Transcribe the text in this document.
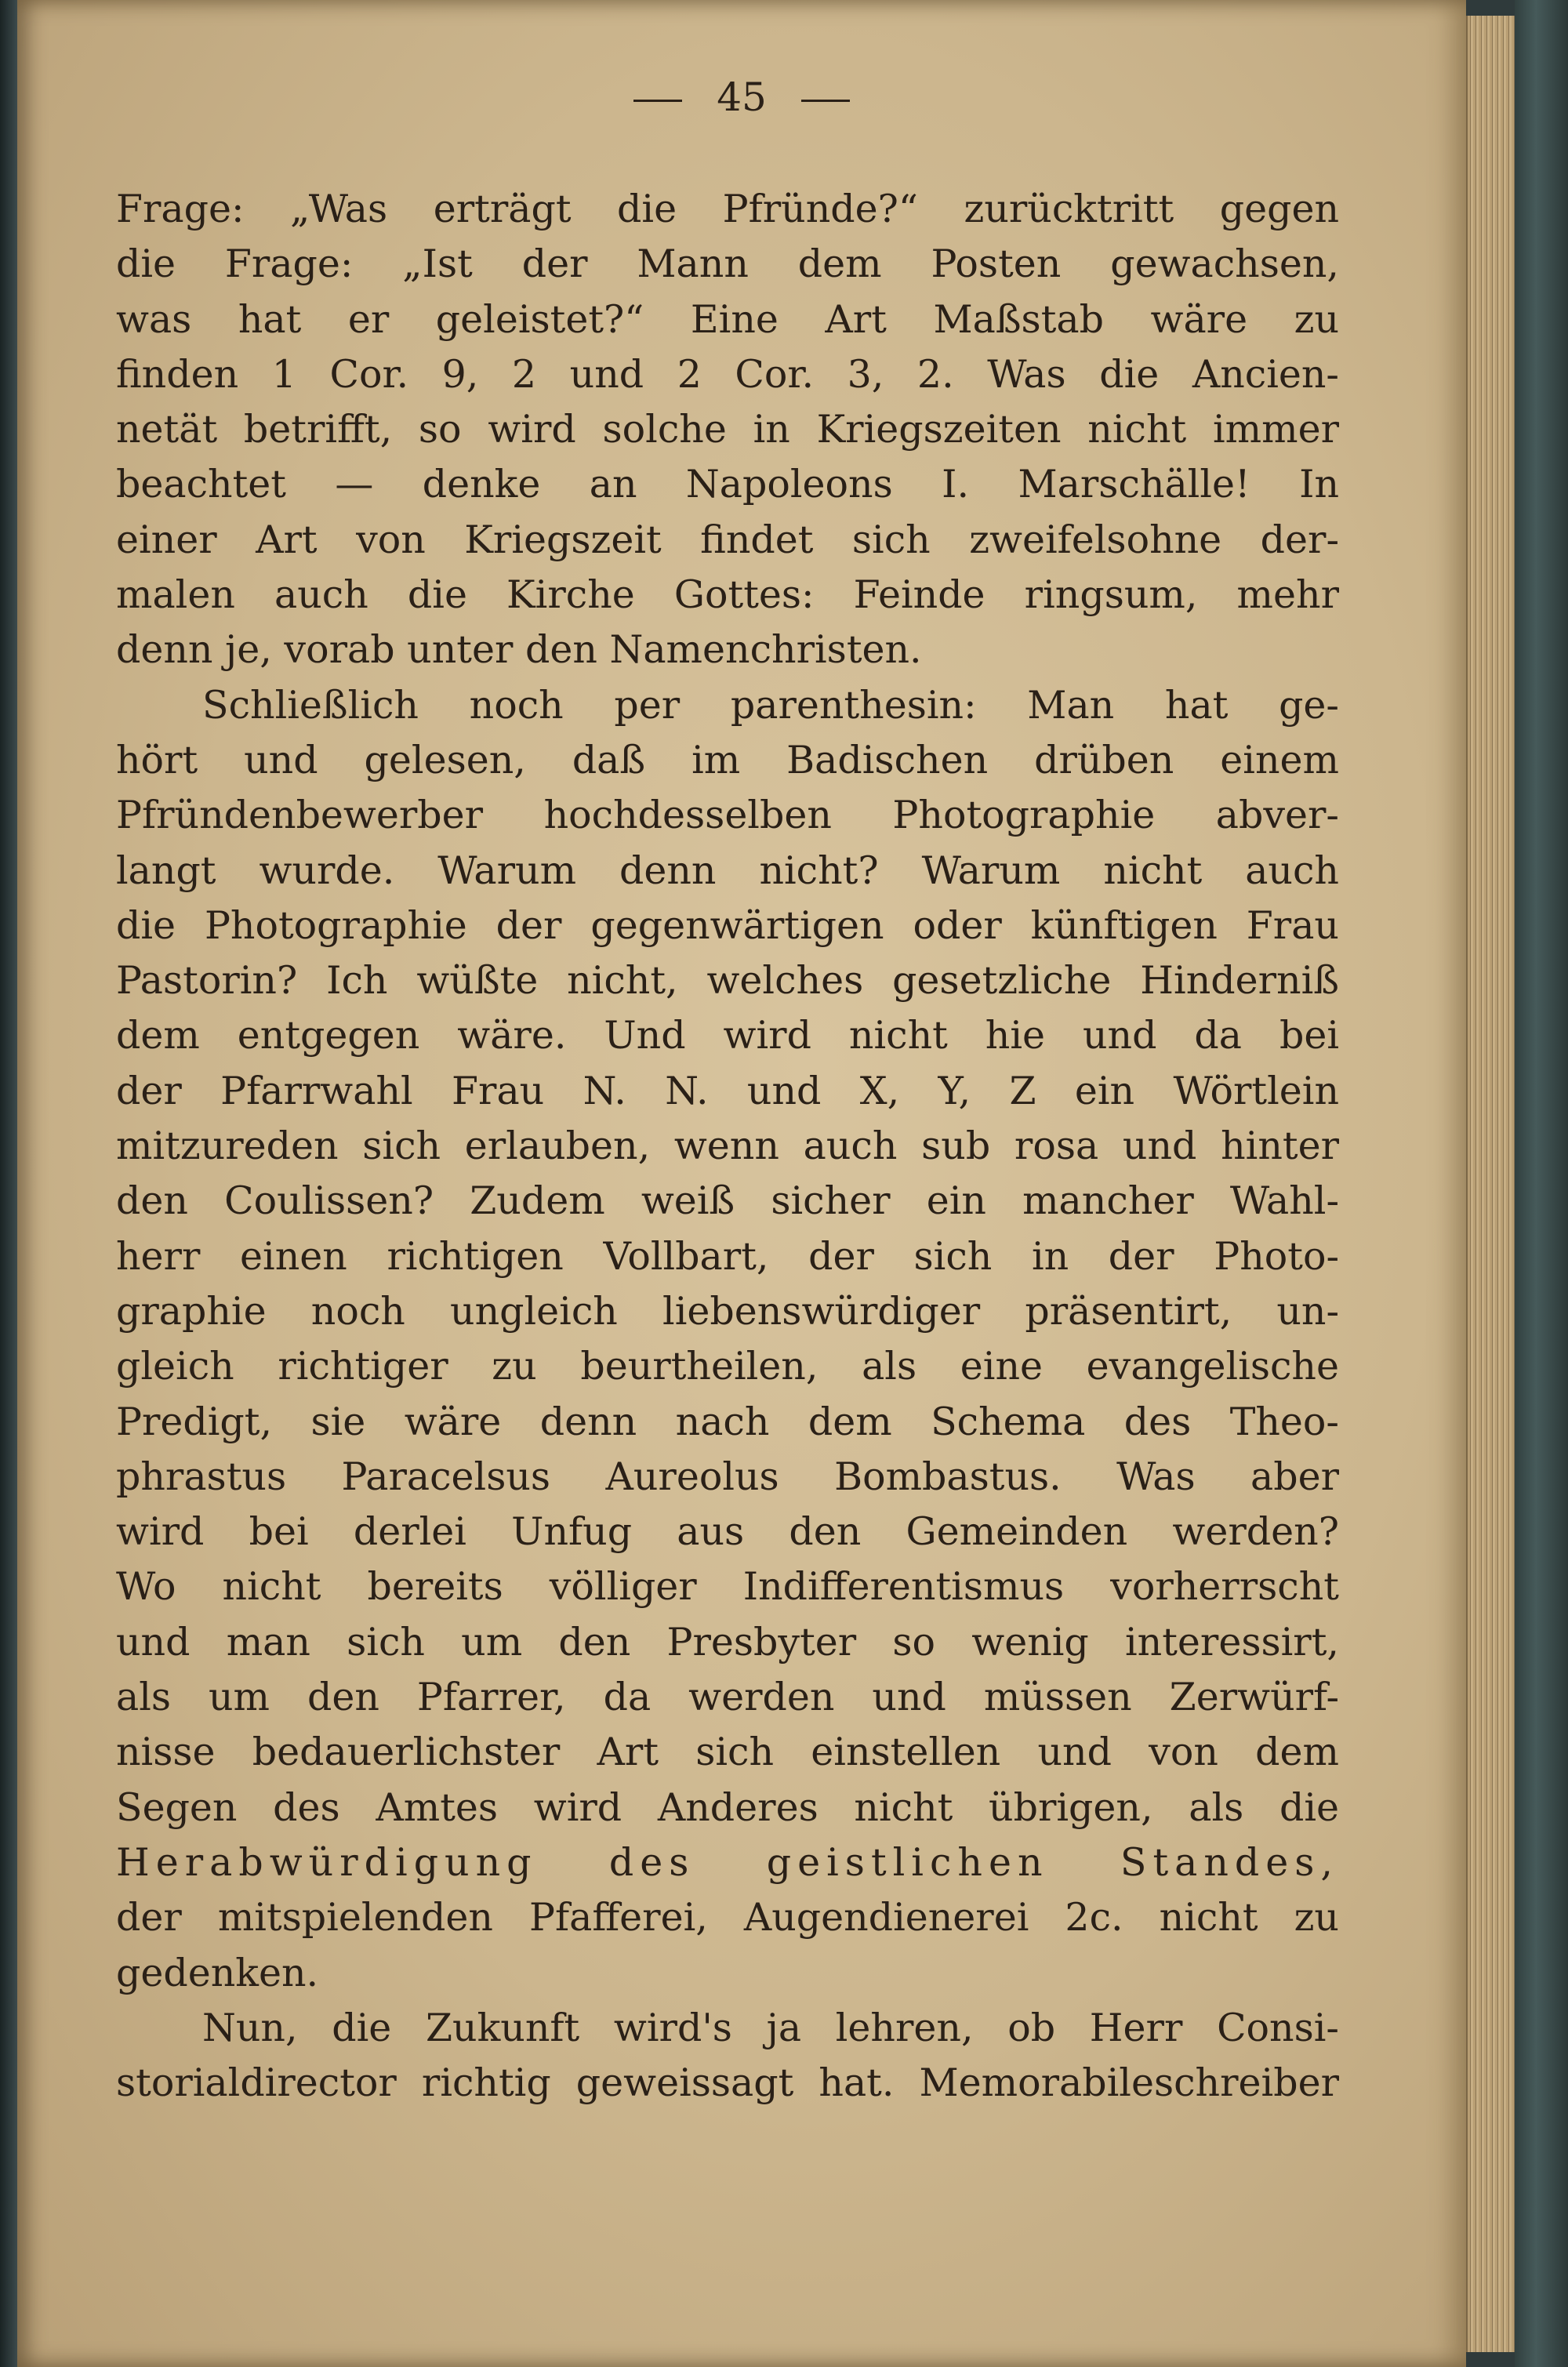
45
Frage: „Was erträgt die Pfründe?“ zurücktritt gegen
die Frage: „Ist der Mann dem Posten gewachsen,
was hat er geleistet?“ Eine Art Maßstab wäre zu
finden 1 Cor. 9, 2 und 2 Cor. 3, 2. Was die Ancien-
netät betrifft, so wird solche in Kriegszeiten nicht immer
beachtet — denke an Napoleons I. Marschälle! In
einer Art von Kriegszeit findet sich zweifelsohne der-
malen auch die Kirche Gottes: Feinde ringsum, mehr
denn je, vorab unter den Namenchristen.
Schließlich noch per parenthesin: Man hat ge-
hört und gelesen, daß im Badischen drüben einem
Pfründenbewerber hochdesselben Photographie abver-
langt wurde. Warum denn nicht? Warum nicht auch
die Photographie der gegenwärtigen oder künftigen Frau
Pastorin? Ich wüßte nicht, welches gesetzliche Hinderniß
dem entgegen wäre. Und wird nicht hie und da bei
der Pfarrwahl Frau N. N. und X, Y, Z ein Wörtlein
mitzureden sich erlauben, wenn auch sub rosa und hinter
den Coulissen? Zudem weiß sicher ein mancher Wahl-
herr einen richtigen Vollbart, der sich in der Photo-
graphie noch ungleich liebenswürdiger präsentirt, un-
gleich richtiger zu beurtheilen, als eine evangelische
Predigt, sie wäre denn nach dem Schema des Theo-
phrastus Paracelsus Aureolus Bombastus. Was aber
wird bei derlei Unfug aus den Gemeinden werden?
Wo nicht bereits völliger Indifferentismus vorherrscht
und man sich um den Presbyter so wenig interessirt,
als um den Pfarrer, da werden und müssen Zerwürf-
nisse bedauerlichster Art sich einstellen und von dem
Segen des Amtes wird Anderes nicht übrigen, als die
Herabwürdigung des geistlichen Standes,
der mitspielenden Pfafferei, Augendienerei 2c. nicht zu
gedenken.
Nun, die Zukunft wird's ja lehren, ob Herr Consi-
storialdirector richtig geweissagt hat. Memorabileschreiber
